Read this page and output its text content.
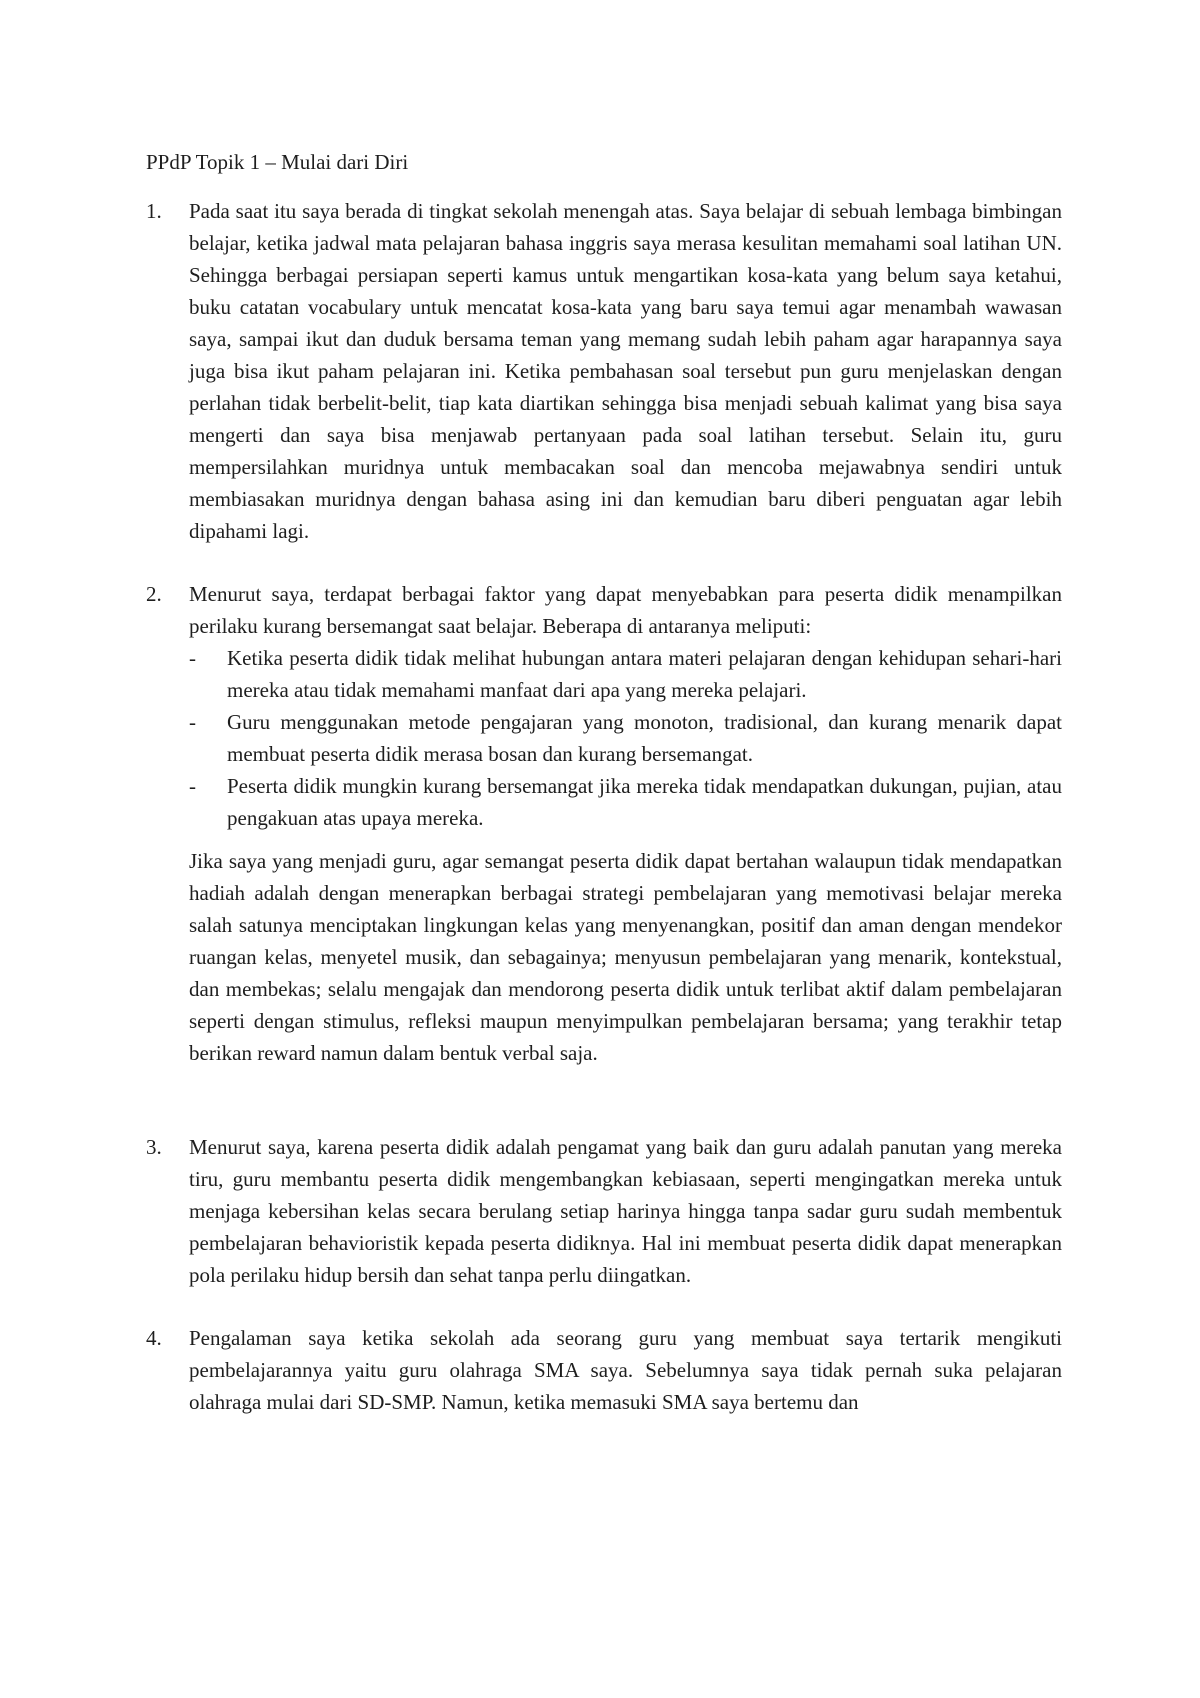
PPdP Topik 1 – Mulai dari Diri

1. Pada saat itu saya berada di tingkat sekolah menengah atas. Saya belajar di sebuah lembaga bimbingan belajar, ketika jadwal mata pelajaran bahasa inggris saya merasa kesulitan memahami soal latihan UN. Sehingga berbagai persiapan seperti kamus untuk mengartikan kosa-kata yang belum saya ketahui, buku catatan vocabulary untuk mencatat kosa-kata yang baru saya temui agar menambah wawasan saya, sampai ikut dan duduk bersama teman yang memang sudah lebih paham agar harapannya saya juga bisa ikut paham pelajaran ini. Ketika pembahasan soal tersebut pun guru menjelaskan dengan perlahan tidak berbelit-belit, tiap kata diartikan sehingga bisa menjadi sebuah kalimat yang bisa saya mengerti dan saya bisa menjawab pertanyaan pada soal latihan tersebut. Selain itu, guru mempersilahkan muridnya untuk membacakan soal dan mencoba mejawabnya sendiri untuk membiasakan muridnya dengan bahasa asing ini dan kemudian baru diberi penguatan agar lebih dipahami lagi.

2. Menurut saya, terdapat berbagai faktor yang dapat menyebabkan para peserta didik menampilkan perilaku kurang bersemangat saat belajar. Beberapa di antaranya meliputi:

- Ketika peserta didik tidak melihat hubungan antara materi pelajaran dengan kehidupan sehari-hari mereka atau tidak memahami manfaat dari apa yang mereka pelajari.

- Guru menggunakan metode pengajaran yang monoton, tradisional, dan kurang menarik dapat membuat peserta didik merasa bosan dan kurang bersemangat.

- Peserta didik mungkin kurang bersemangat jika mereka tidak mendapatkan dukungan, pujian, atau pengakuan atas upaya mereka.

Jika saya yang menjadi guru, agar semangat peserta didik dapat bertahan walaupun tidak mendapatkan hadiah adalah dengan menerapkan berbagai strategi pembelajaran yang memotivasi belajar mereka salah satunya menciptakan lingkungan kelas yang menyenangkan, positif dan aman dengan mendekor ruangan kelas, menyetel musik, dan sebagainya; menyusun pembelajaran yang menarik, kontekstual, dan membekas; selalu mengajak dan mendorong peserta didik untuk terlibat aktif dalam pembelajaran seperti dengan stimulus, refleksi maupun menyimpulkan pembelajaran bersama; yang terakhir tetap berikan reward namun dalam bentuk verbal saja.

3. Menurut saya, karena peserta didik adalah pengamat yang baik dan guru adalah panutan yang mereka tiru, guru membantu peserta didik mengembangkan kebiasaan, seperti mengingatkan mereka untuk menjaga kebersihan kelas secara berulang setiap harinya hingga tanpa sadar guru sudah membentuk pembelajaran behavioristik kepada peserta didiknya. Hal ini membuat peserta didik dapat menerapkan pola perilaku hidup bersih dan sehat tanpa perlu diingatkan.

4. Pengalaman saya ketika sekolah ada seorang guru yang membuat saya tertarik mengikuti pembelajarannya yaitu guru olahraga SMA saya. Sebelumnya saya tidak pernah suka pelajaran olahraga mulai dari SD-SMP. Namun, ketika memasuki SMA saya bertemu dan
